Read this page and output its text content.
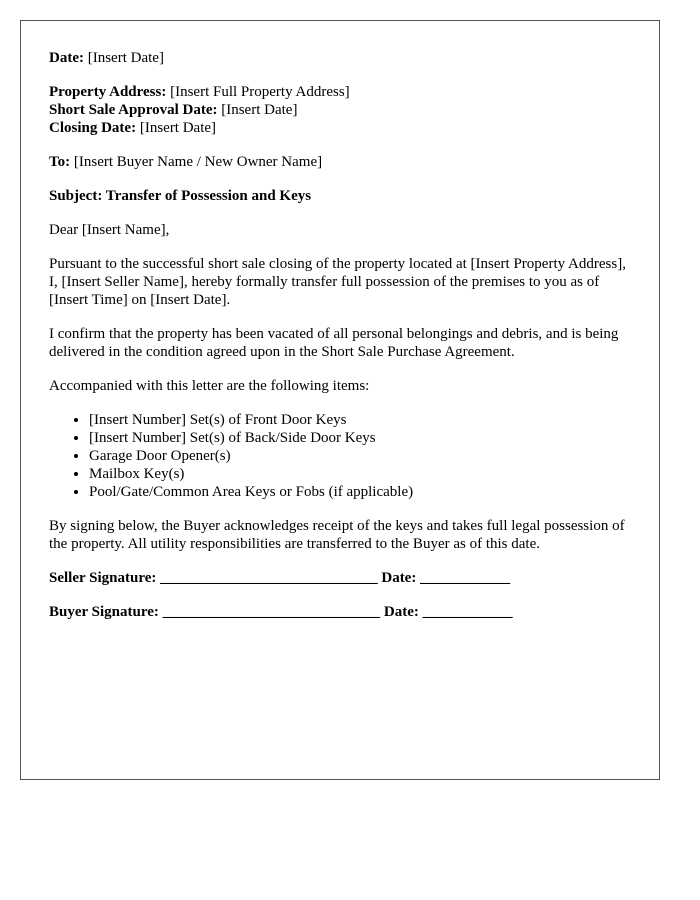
Date: [Insert Date]

Property Address: [Insert Full Property Address]
Short Sale Approval Date: [Insert Date]
Closing Date: [Insert Date]

To: [Insert Buyer Name / New Owner Name]

Subject: Transfer of Possession and Keys

Dear [Insert Name],

Pursuant to the successful short sale closing of the property located at [Insert Property Address], I, [Insert Seller Name], hereby formally transfer full possession of the premises to you as of [Insert Time] on [Insert Date].

I confirm that the property has been vacated of all personal belongings and debris, and is being delivered in the condition agreed upon in the Short Sale Purchase Agreement.

Accompanied with this letter are the following items:

• [Insert Number] Set(s) of Front Door Keys
• [Insert Number] Set(s) of Back/Side Door Keys
• Garage Door Opener(s)
• Mailbox Key(s)
• Pool/Gate/Common Area Keys or Fobs (if applicable)

By signing below, the Buyer acknowledges receipt of the keys and takes full legal possession of the property. All utility responsibilities are transferred to the Buyer as of this date.

Seller Signature: _____________________________ Date: ____________

Buyer Signature: _____________________________ Date: ____________
